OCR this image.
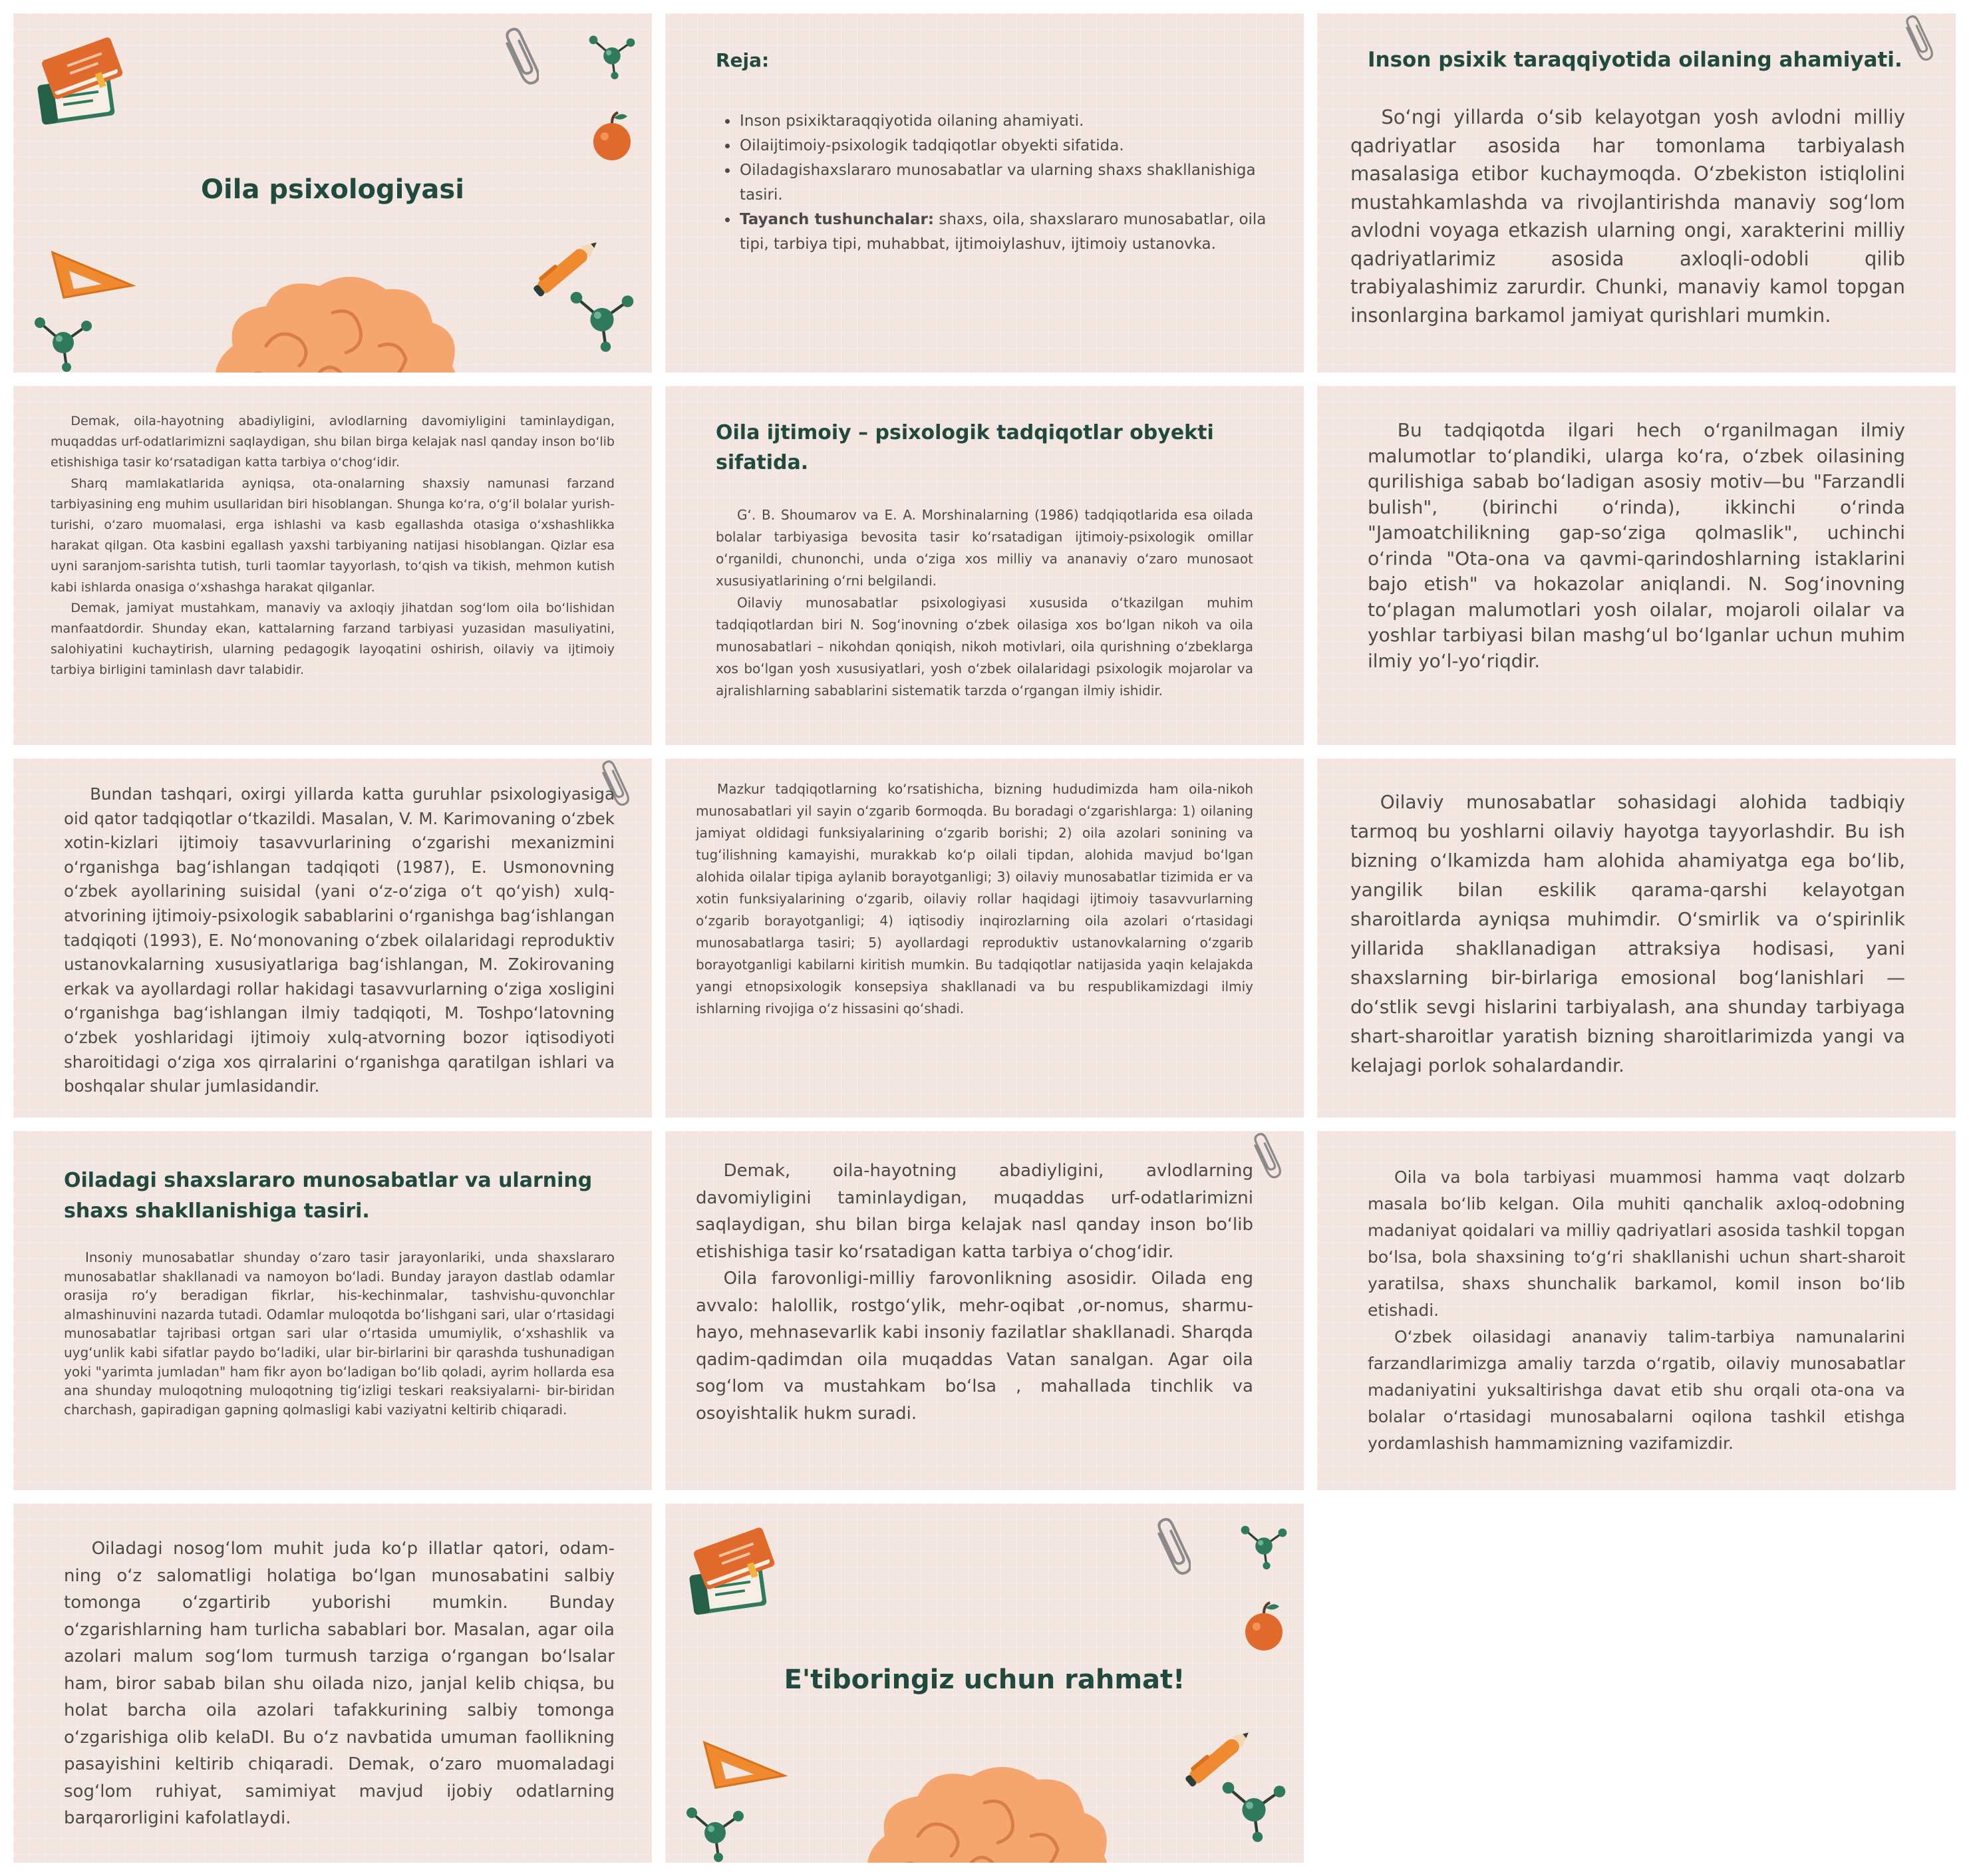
Oila psixologiyasi
Reja:
• Inson psixiktaraqqiyotida oilaning ahamiyati.
• Oilaijtimoiy-psixologik tadqiqotlar obyekti sifatida.
• Oiladagishaxslararo munosabatlar va ularning shaxs shakllanishiga tasiri.
• Tayanch tushunchalar: shaxs, oila, shaxslararo munosabatlar, oila tipi, tarbiya tipi, muhabbat, ijtimoiylashuv, ijtimoiy ustanovka.
Inson psixik taraqqiyotida oilaning ahamiyati.

So‘ngi yillarda o‘sib kelayotgan yosh avlodni milliy qadriyatlar asosida har tomonlama tarbiyalash masalasiga etibor kuchaymoqda. O‘zbekiston istiqlolini mustahkamlashda va rivojlantirishda manaviy sog‘lom avlodni voyaga etkazish ularning ongi, xarakterini milliy qadriyatlarimiz asosida axloqli-odobli qilib trabiyalashimiz zarurdir. Chunki, manaviy kamol topgan insonlargina barkamol jamiyat qurishlari mumkin.

Demak, oila-hayotning abadiyligini, avlodlarning davomiyligini taminlaydigan, muqaddas urf-odatlarimizni saqlaydigan, shu bilan birga kelajak nasl qanday inson bo‘lib etishishiga tasir ko‘rsatadigan katta tarbiya o‘chog‘idir.

Sharq mamlakatlarida ayniqsa, ota-onalarning shaxsiy namunasi farzand tarbiyasining eng muhim usullaridan biri hisoblangan. Shunga ko‘ra, o‘g‘il bolalar yurish-turishi, o‘zaro muomalasi, erga ishlashi va kasb egallashda otasiga o‘xshashlikka harakat qilgan. Ota kasbini egallash yaxshi tarbiyaning natijasi hisoblangan. Qizlar esa uyni saranjom-sarishta tutish, turli taomlar tayyorlash, to‘qish va tikish, mehmon kutish kabi ishlarda onasiga o‘xshashga harakat qilganlar.

Demak, jamiyat mustahkam, manaviy va axloqiy jihatdan sog‘lom oila bo‘lishidan manfaatdordir. Shunday ekan, kattalarning farzand tarbiyasi yuzasidan masuliyatini, salohiyatini kuchaytirish, ularning pedagogik layoqatini oshirish, oilaviy va ijtimoiy tarbiya birligini taminlash davr talabidir.

Oila ijtimoiy – psixologik tadqiqotlar obyekti sifatida.

G‘. B. Shoumarov va E. A. Morshinalarning (1986) tadqiqotlarida esa oilada bolalar tarbiyasiga bevosita tasir ko‘rsatadigan ijtimoiy-psixologik omillar o‘rganildi, chunonchi, unda o‘ziga xos milliy va ananaviy o‘zaro munosaot xususiyatlarining o‘rni belgilandi.

Oilaviy munosabatlar psixologiyasi xususida o‘tkazilgan muhim tadqiqotlardan biri N. Sog‘inovning o‘zbek oilasiga xos bo‘lgan nikoh va oila munosabatlari – nikohdan qoniqish, nikoh motivlari, oila qurishning o‘zbeklarga xos bo‘lgan yosh xususiyatlari, yosh o‘zbek oilalaridagi psixologik mojarolar va ajralishlarning sabablarini sistematik tarzda o‘rgangan ilmiy ishidir.

Bu tadqiqotda ilgari hech o‘rganilmagan ilmiy malumotlar to‘plandiki, ularga ko‘ra, o‘zbek oilasining qurilishiga sabab bo‘ladigan asosiy motiv—bu "Farzandli bulish", (birinchi o‘rinda), ikkinchi o‘rinda "Jamoatchilikning gap-so‘ziga qolmaslik", uchinchi o‘rinda "Ota-ona va qavmi-qarindoshlarning istaklarini bajo etish" va hokazolar aniqlandi. N. Sog‘inovning to‘plagan malumotlari yosh oilalar, mojaroli oilalar va yoshlar tarbiyasi bilan mashg‘ul bo‘lganlar uchun muhim ilmiy yo‘l-yo‘riqdir.

Bundan tashqari, oxirgi yillarda katta guruhlar psixologiyasiga oid qator tadqiqotlar o‘tkazildi. Masalan, V. M. Karimovaning o‘zbek xotin-kizlari ijtimoiy tasavvurlarining o‘zgarishi mexanizmini o‘rganishga bag‘ishlangan tadqiqoti (1987), E. Usmonovning o‘zbek ayollarining suisidal (yani o‘z-o‘ziga o‘t qo‘yish) xulq-atvorining ijtimoiy-psixologik sabablarini o‘rganishga bag‘ishlangan tadqiqoti (1993), E. No‘monovaning o‘zbek oilalaridagi reproduktiv ustanovkalarning xususiyatlariga bag‘ishlangan, M. Zokirovaning erkak va ayollardagi rollar hakidagi tasavvurlarning o‘ziga xosligini o‘rganishga bag‘ishlangan ilmiy tadqiqoti, M. Toshpo‘latovning o‘zbek yoshlaridagi ijtimoiy xulq-atvorning bozor iqtisodiyoti sharoitidagi o‘ziga xos qirralarini o‘rganishga qaratilgan ishlari va boshqalar shular jumlasidandir.

Mazkur tadqiqotlarning ko‘rsatishicha, bizning hududimizda ham oila-nikoh munosabatlari yil sayin o‘zgarib 6ormoqda. Bu boradagi o‘zgarishlarga: 1) oilaning jamiyat oldidagi funksiyalarining o‘zgarib borishi; 2) oila azolari sonining va tug‘ilishning kamayishi, murakkab ko‘p oilali tipdan, alohida mavjud bo‘lgan alohida oilalar tipiga aylanib borayotganligi; 3) oilaviy munosabatlar tizimida er va xotin funksiyalarining o‘zgarib, oilaviy rollar haqidagi ijtimoiy tasavvurlarning o‘zgarib borayotganligi; 4) iqtisodiy inqirozlarning oila azolari o‘rtasidagi munosabatlarga tasiri; 5) ayollardagi reproduktiv ustanovkalarning o‘zgarib borayotganligi kabilarni kiritish mumkin. Bu tadqiqotlar natijasida yaqin kelajakda yangi etnopsixologik konsepsiya shakllanadi va bu respublikamizdagi ilmiy ishlarning rivojiga o‘z hissasini qo‘shadi.

Oilaviy munosabatlar sohasidagi alohida tadbiqiy tarmoq bu yoshlarni oilaviy hayotga tayyorlashdir. Bu ish bizning o‘lkamizda ham alohida ahamiyatga ega bo‘lib, yangilik bilan eskilik qarama-qarshi kelayotgan sharoitlarda ayniqsa muhimdir. O‘smirlik va o‘spirinlik yillarida shakllanadigan attraksiya hodisasi, yani shaxslarning bir-birlariga emosional bog‘lanishlari — do‘stlik sevgi hislarini tarbiyalash, ana shunday tarbiyaga shart-sharoitlar yaratish bizning sharoitlarimizda yangi va kelajagi porlok sohalardandir.

Oiladagi shaxslararo munosabatlar va ularning shaxs shakllanishiga tasiri.

Insoniy munosabatlar shunday o‘zaro tasir jarayonlariki, unda shaxslararo munosabatlar shakllanadi va namoyon bo‘ladi. Bunday jarayon dastlab odamlar orasija ro‘y beradigan fikrlar, his-kechinmalar, tashvishu-quvonchlar almashinuvini nazarda tutadi. Odamlar muloqotda bo‘lishgani sari, ular o‘rtasidagi munosabatlar tajribasi ortgan sari ular o‘rtasida umumiylik, o‘xshashlik va uyg‘unlik kabi sifatlar paydo bo‘ladiki, ular bir-birlarini bir qarashda tushunadigan yoki "yarimta jumladan" ham fikr ayon bo‘ladigan bo‘lib qoladi, ayrim hollarda esa ana shunday muloqotning muloqotning tig‘izligi teskari reaksiyalarni- bir-biridan charchash, gapiradigan gapning qolmasligi kabi vaziyatni keltirib chiqaradi.

Demak, oila-hayotning abadiyligini, avlodlarning davomiyligini taminlaydigan, muqaddas urf-odatlarimizni saqlaydigan, shu bilan birga kelajak nasl qanday inson bo‘lib etishishiga tasir ko‘rsatadigan katta tarbiya o‘chog‘idir.

Oila farovonligi-milliy farovonlikning asosidir. Oilada eng avvalo: halollik, rostgo‘ylik, mehr-oqibat ,or-nomus, sharmu-hayo, mehnasevarlik kabi insoniy fazilatlar shakllanadi. Sharqda qadim-qadimdan oila muqaddas Vatan sanalgan. Agar oila sog‘lom va mustahkam bo‘lsa , mahallada tinchlik va osoyishtalik hukm suradi.

Oila va bola tarbiyasi muammosi hamma vaqt dolzarb masala bo‘lib kelgan. Oila muhiti qanchalik axloq-odobning madaniyat qoidalari va milliy qadriyatlari asosida tashkil topgan bo‘lsa, bola shaxsining to‘g‘ri shakllanishi uchun shart-sharoit yaratilsa, shaxs shunchalik barkamol, komil inson bo‘lib etishadi.

O‘zbek oilasidagi ananaviy talim-tarbiya namunalarini farzandlarimizga amaliy tarzda o‘rgatib, oilaviy munosabatlar madaniyatini yuksaltirishga davat etib shu orqali ota-ona va bolalar o‘rtasidagi munosabalarni oqilona tashkil etishga yordamlashish hammamizning vazifamizdir.

Oiladagi nosog‘lom muhit juda ko‘p illatlar qatori, odam-ning o‘z salomatligi holatiga bo‘lgan munosabatini salbiy tomonga o‘zgartirib yuborishi mumkin. Bunday o‘zgarishlarning ham turlicha sabablari bor. Masalan, agar oila azolari malum sog‘lom turmush tarziga o‘rgangan bo‘lsalar ham, biror sabab bilan shu oilada nizo, janjal kelib chiqsa, bu holat barcha oila azolari tafakkurining salbiy tomonga o‘zgarishiga olib kelaDI. Bu o‘z navbatida umuman faollikning pasayishini keltirib chiqaradi. Demak, o‘zaro muomaladagi sog‘lom ruhiyat, samimiyat mavjud ijobiy odatlarning barqarorligini kafolatlaydi.

E'tiboringiz uchun rahmat!
